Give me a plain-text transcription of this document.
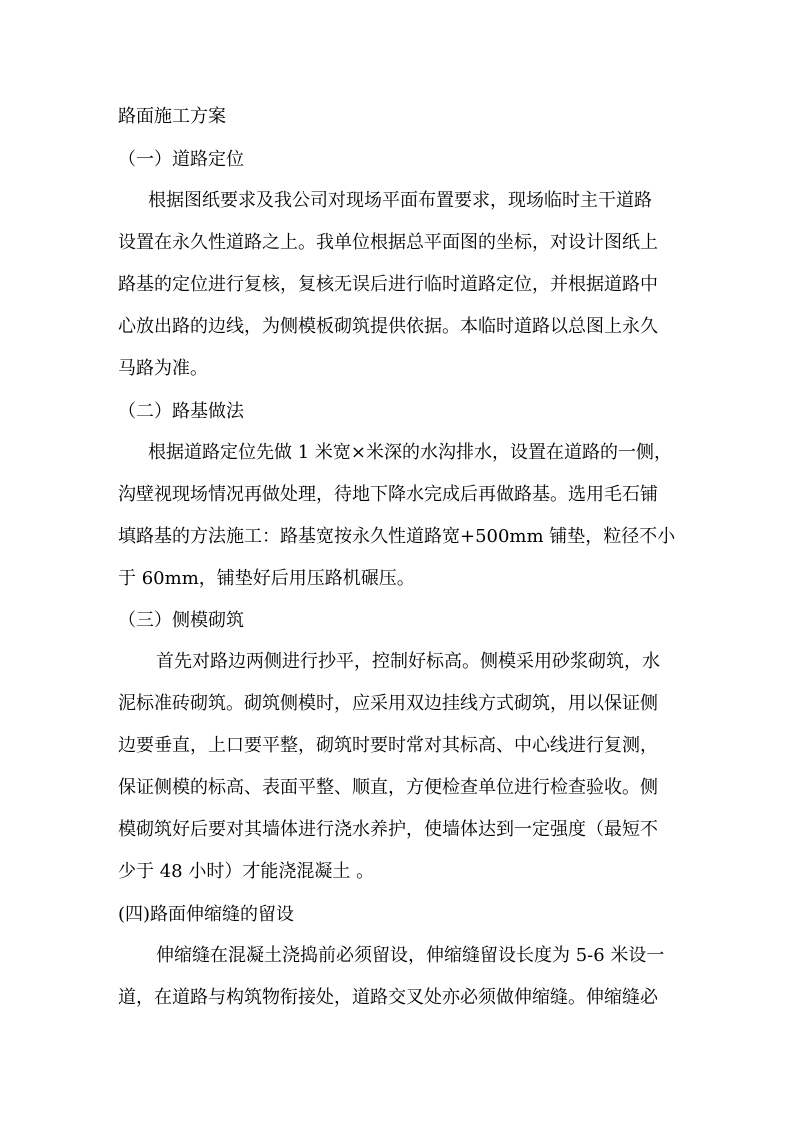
路面施工方案
（一）道路定位
根据图纸要求及我公司对现场平面布置要求，现场临时主干道路
设置在永久性道路之上。我单位根据总平面图的坐标，对设计图纸上
路基的定位进行复核，复核无误后进行临时道路定位，并根据道路中
心放出路的边线，为侧模板砌筑提供依据。本临时道路以总图上永久
马路为准。
（二）路基做法
根据道路定位先做 1 米宽×米深的水沟排水，设置在道路的一侧，
沟壁视现场情况再做处理，待地下降水完成后再做路基。选用毛石铺
填路基的方法施工：路基宽按永久性道路宽+500mm 铺垫，粒径不小
于 60mm，铺垫好后用压路机碾压。
（三）侧模砌筑
首先对路边两侧进行抄平，控制好标高。侧模采用砂浆砌筑，水
泥标准砖砌筑。砌筑侧模时，应采用双边挂线方式砌筑，用以保证侧
边要垂直，上口要平整，砌筑时要时常对其标高、中心线进行复测，
保证侧模的标高、表面平整、顺直，方便检查单位进行检查验收。侧
模砌筑好后要对其墙体进行浇水养护，使墙体达到一定强度（最短不
少于 48 小时）才能浇混凝土 。
(四)路面伸缩缝的留设
伸缩缝在混凝土浇捣前必须留设，伸缩缝留设长度为 5-6 米设一
道，在道路与构筑物衔接处，道路交叉处亦必须做伸缩缝。伸缩缝必
